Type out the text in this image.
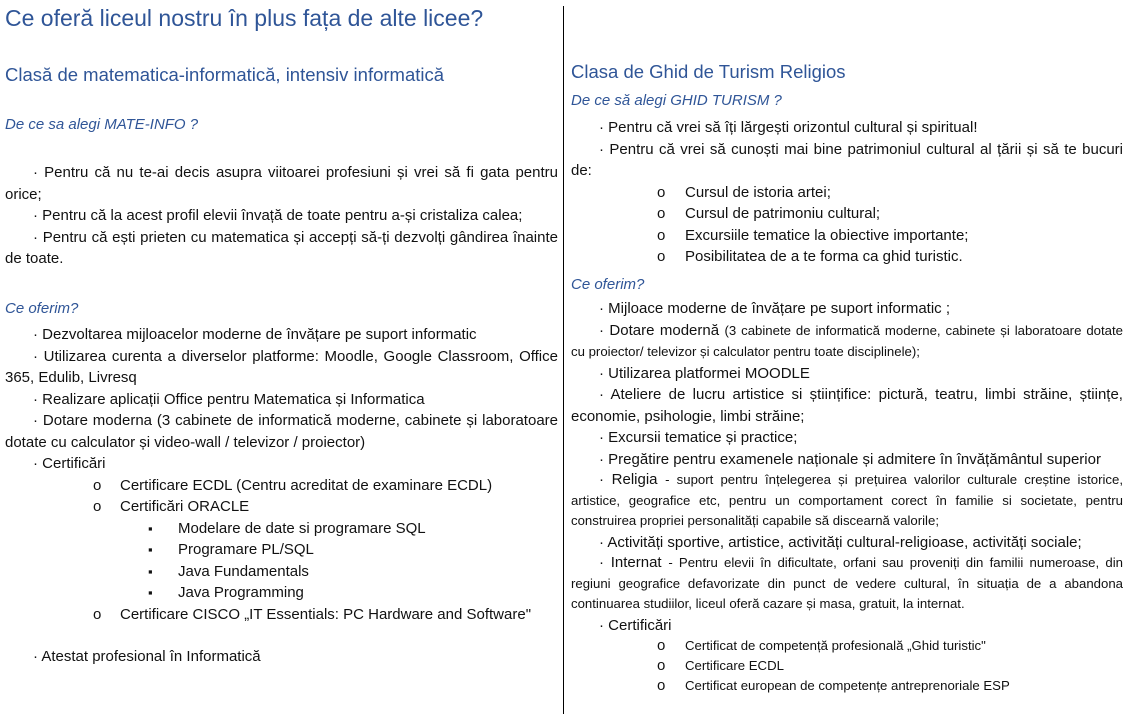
Ce oferă liceul nostru în plus fața de alte licee?
Clasă de matematica-informatică, intensiv informatică

De ce sa alegi MATE-INFO ?

· Pentru că nu te-ai decis asupra viitoarei profesiuni și vrei să fi gata pentru orice;

· Pentru că la acest profil elevii învață de toate pentru a-și cristaliza calea;

· Pentru că ești prieten cu matematica și accepți să-ți dezvolți gândirea înainte de toate.

Ce oferim?

· Dezvoltarea mijloacelor moderne de învățare pe suport informatic

· Utilizarea curenta a diverselor platforme: Moodle, Google Classroom, Office 365, Edulib, Livresq

· Realizare aplicații Office pentru Matematica și Informatica

· Dotare moderna (3 cabinete de informatică moderne, cabinete și laboratoare dotate cu calculator și video-wall / televizor / proiector)

· Certificări

o Certificare ECDL (Centru acreditat de examinare ECDL)
o Certificări ORACLE
▪ Modelare de date si programare SQL
▪ Programare PL/SQL
▪ Java Fundamentals
▪ Java Programming
o Certificare CISCO „IT Essentials: PC Hardware and Software"

· Atestat profesional în Informatică

Clasa de Ghid de Turism Religios

De ce să alegi GHID TURISM ?

· Pentru că vrei să îți lărgești orizontul cultural și spiritual!

· Pentru că vrei să cunoști mai bine patrimoniul cultural al țării și să te bucuri de:

o Cursul de istoria artei;
o Cursul de patrimoniu cultural;
o Excursiile tematice la obiective importante;
o Posibilitatea de a te forma ca ghid turistic.

Ce oferim?

· Mijloace moderne de învățare pe suport informatic ;

· Dotare modernă (3 cabinete de informatică moderne, cabinete și laboratoare dotate cu proiector/ televizor și calculator pentru toate disciplinele);

· Utilizarea platformei MOODLE

· Ateliere de lucru artistice si științifice: pictură, teatru, limbi străine, științe, economie, psihologie, limbi străine;

· Excursii tematice și practice;

· Pregătire pentru examenele naționale și admitere în învățământul superior

· Religia - suport pentru înțelegerea și prețuirea valorilor culturale creștine istorice, artistice, geografice etc, pentru un comportament corect în familie si societate, pentru construirea propriei personalități capabile să discearnă valorile;

· Activități sportive, artistice, activități cultural-religioase, activități sociale;

· Internat - Pentru elevii în dificultate, orfani sau proveniți din familii numeroase, din regiuni geografice defavorizate din punct de vedere cultural, în situația de a abandona continuarea studiilor, liceul oferă cazare și masa, gratuit, la internat.

· Certificări

o Certificat de competență profesională „Ghid turistic"
o Certificare ECDL
o Certificat european de competențe antreprenoriale ESP
